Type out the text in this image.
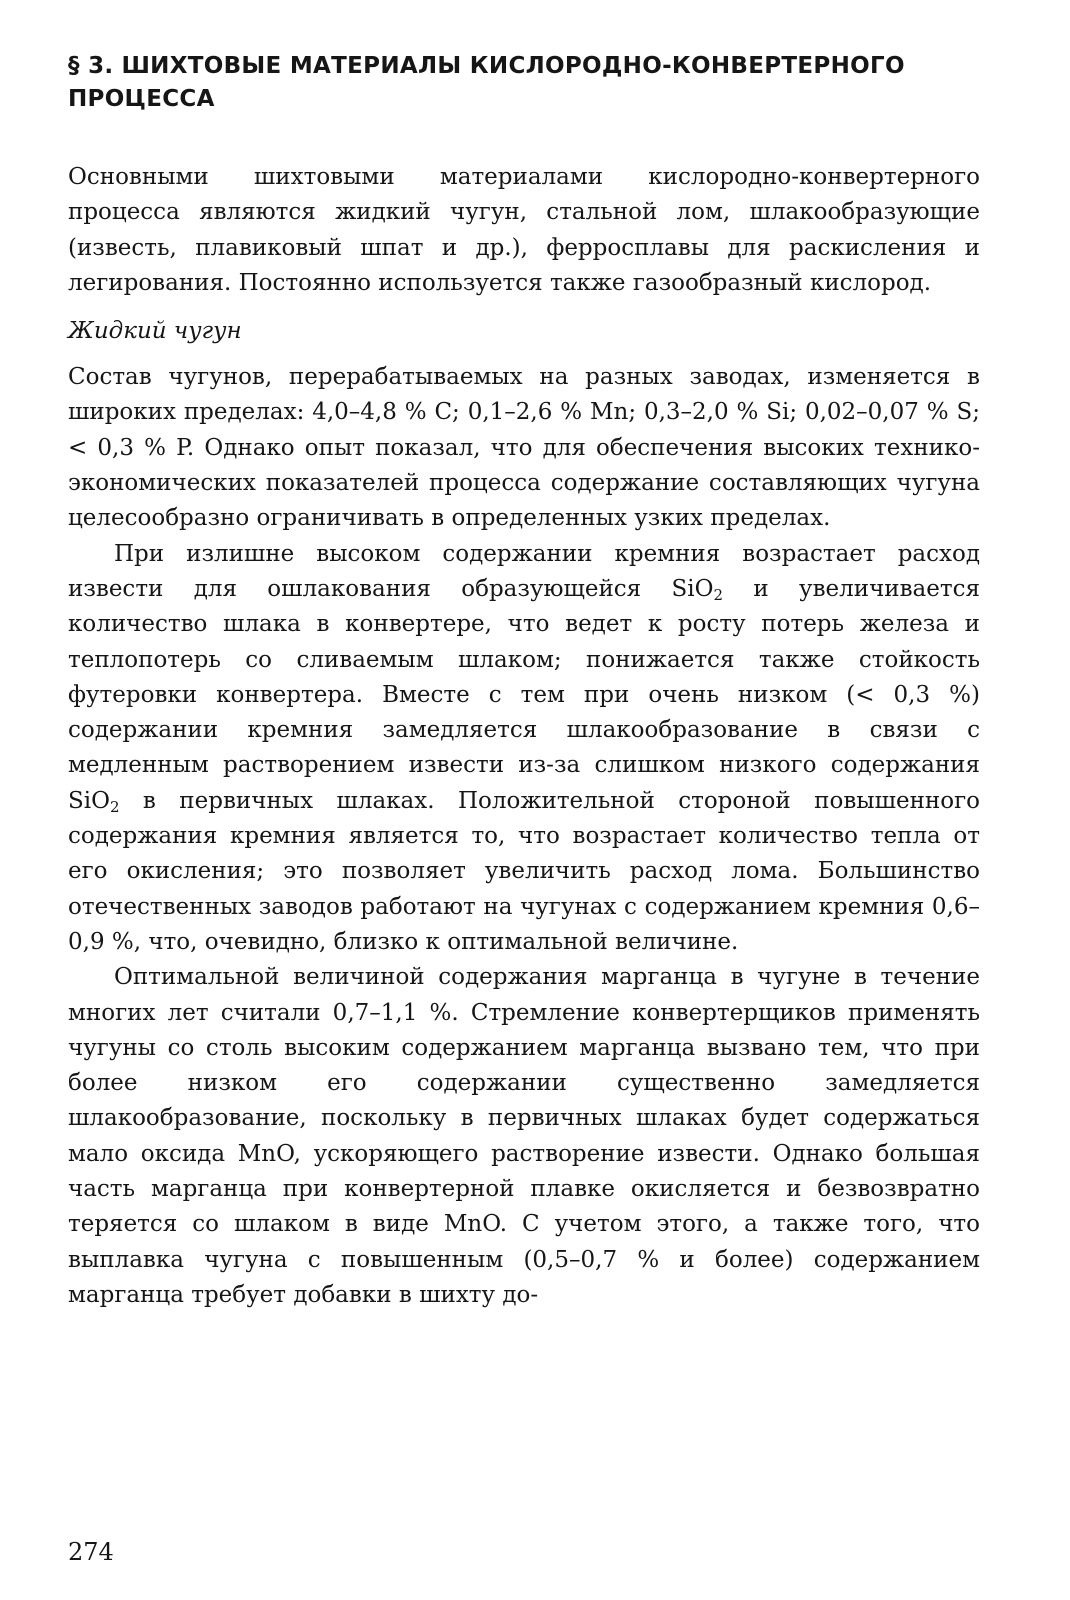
§ 3. ШИХТОВЫЕ МАТЕРИАЛЫ КИСЛОРОДНО-КОНВЕРТЕРНОГО ПРОЦЕССА

Основными шихтовыми материалами кислородно-конвертерного процесса являются жидкий чугун, стальной лом, шлакообразующие (известь, плавиковый шпат и др.), ферросплавы для раскисления и легирования. Постоянно используется также газообразный кислород.

Жидкий чугун

Состав чугунов, перерабатываемых на разных заводах, изменяется в широких пределах: 4,0–4,8 % C; 0,1–2,6 % Mn; 0,3–2,0 % Si; 0,02–0,07 % S; < 0,3 % P. Однако опыт показал, что для обеспечения высоких технико-экономических показателей процесса содержание составляющих чугуна целесообразно ограничивать в определенных узких пределах.

При излишне высоком содержании кремния возрастает расход извести для ошлакования образующейся SiO$_2$ и увеличивается количество шлака в конвертере, что ведет к росту потерь железа и теплопотерь со сливаемым шлаком; понижается также стойкость футеровки конвертера. Вместе с тем при очень низком (< 0,3 %) содержании кремния замедляется шлакообразование в связи с медленным растворением извести из-за слишком низкого содержания SiO$_2$ в первичных шлаках. Положительной стороной повышенного содержания кремния является то, что возрастает количество тепла от его окисления; это позволяет увеличить расход лома. Большинство отечественных заводов работают на чугунах с содержанием кремния 0,6–0,9 %, что, очевидно, близко к оптимальной величине.

Оптимальной величиной содержания марганца в чугуне в течение многих лет считали 0,7–1,1 %. Стремление конвертерщиков применять чугуны со столь высоким содержанием марганца вызвано тем, что при более низком его содержании существенно замедляется шлакообразование, поскольку в первичных шлаках будет содержаться мало оксида MnO, ускоряющего растворение извести. Однако большая часть марганца при конвертерной плавке окисляется и безвозвратно теряется со шлаком в виде MnO. С учетом этого, а также того, что выплавка чугуна с повышенным (0,5–0,7 % и более) содержанием марганца требует добавки в шихту до-

274
